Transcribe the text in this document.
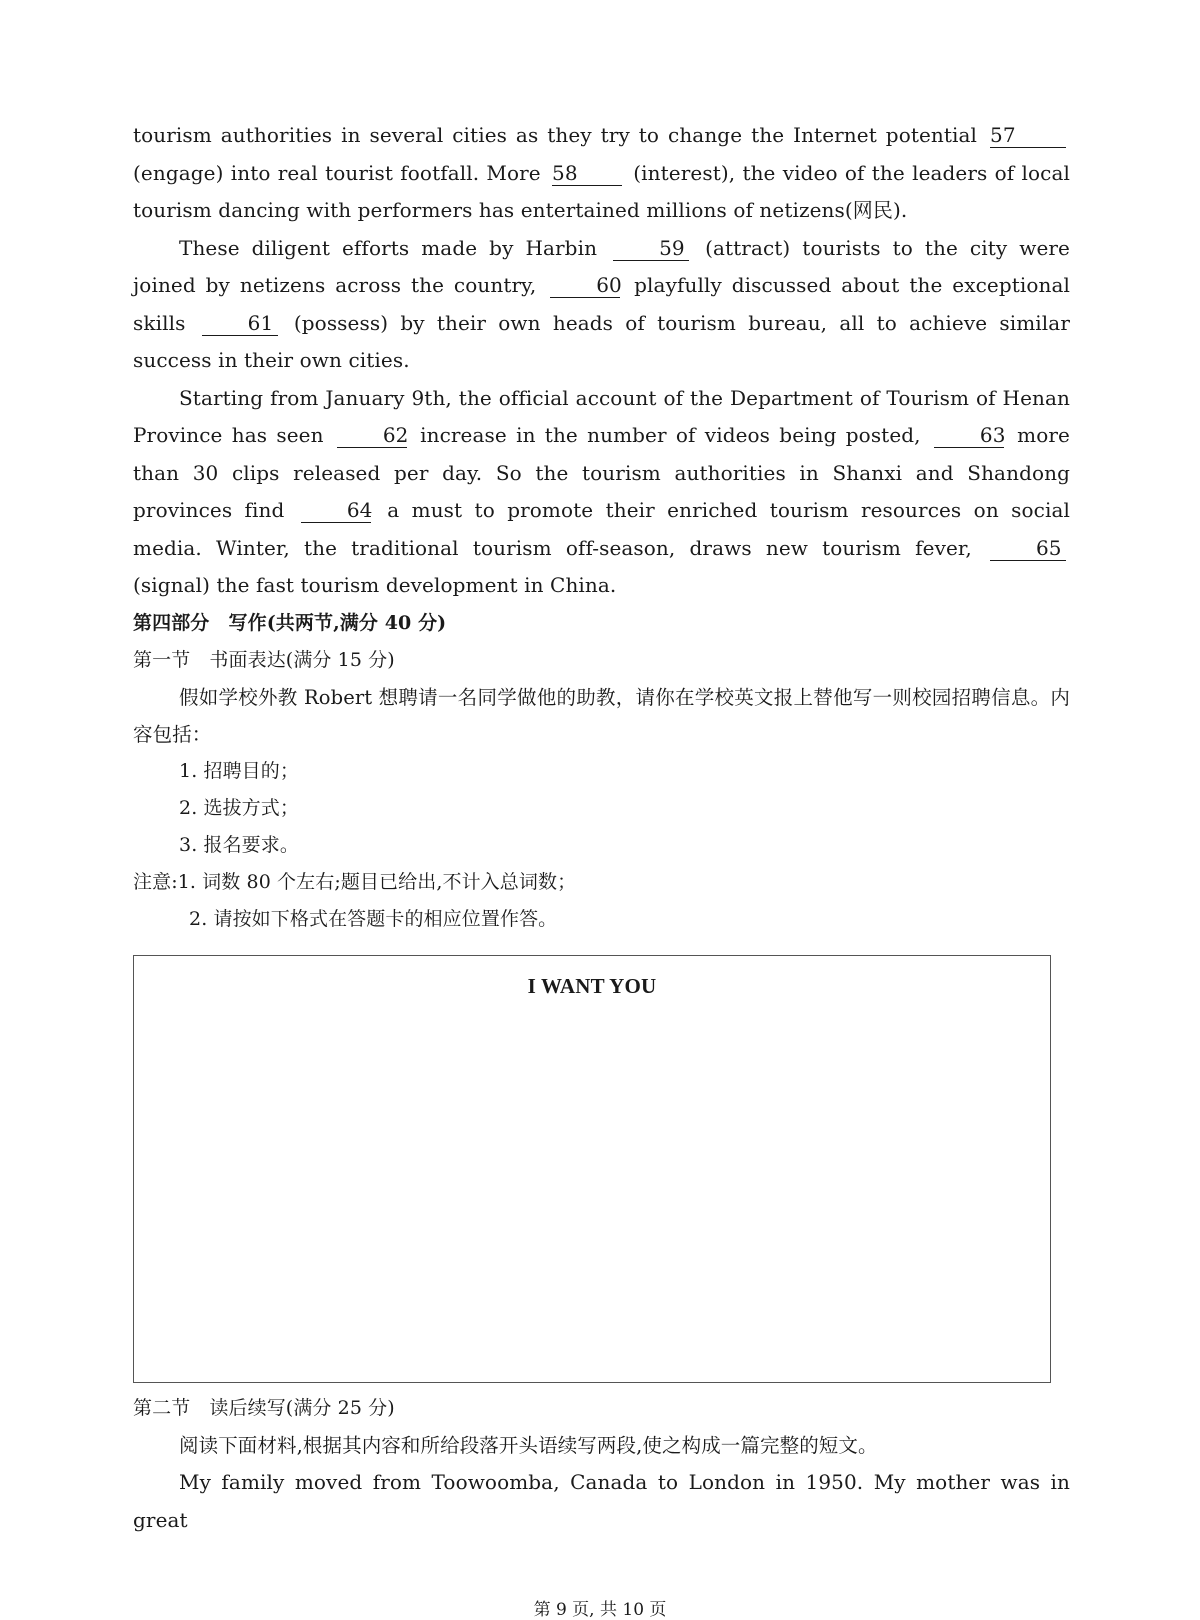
tourism authorities in several cities as they try to change the Internet potential 57 (engage) into real tourist footfall. More 58	(interest), the video of the leaders of local tourism dancing with performers has entertained millions of netizens(网民).

These diligent efforts made by Harbin	59 (attract) tourists to the city were joined by netizens across the country,	60 playfully discussed about the exceptional skills	61 (possess) by their own heads of tourism bureau, all to achieve similar success in their own cities.

Starting from January 9th, the official account of the Department of Tourism of Henan Province has seen	62 increase in the number of videos being posted,	63 more than 30 clips released per day. So the tourism authorities in Shanxi and Shandong provinces find	64 a must to promote their enriched tourism resources on social media. Winter, the traditional tourism off-season, draws new tourism fever,	65 (signal) the fast tourism development in China.

第四部分　写作(共两节,满分 40 分)

第一节　书面表达(满分 15 分)

假如学校外教 Robert 想聘请一名同学做他的助教，请你在学校英文报上替他写一则校园招聘信息。内容包括：

1. 招聘目的；

2. 选拔方式；

3. 报名要求。

注意:1. 词数 80 个左右;题目已给出,不计入总词数；

2. 请按如下格式在答题卡的相应位置作答。

I WANT YOU

第二节　读后续写(满分 25 分)

阅读下面材料,根据其内容和所给段落开头语续写两段,使之构成一篇完整的短文。

My family moved from Toowoomba, Canada to London in 1950. My mother was in great

第 9 页, 共 10 页
